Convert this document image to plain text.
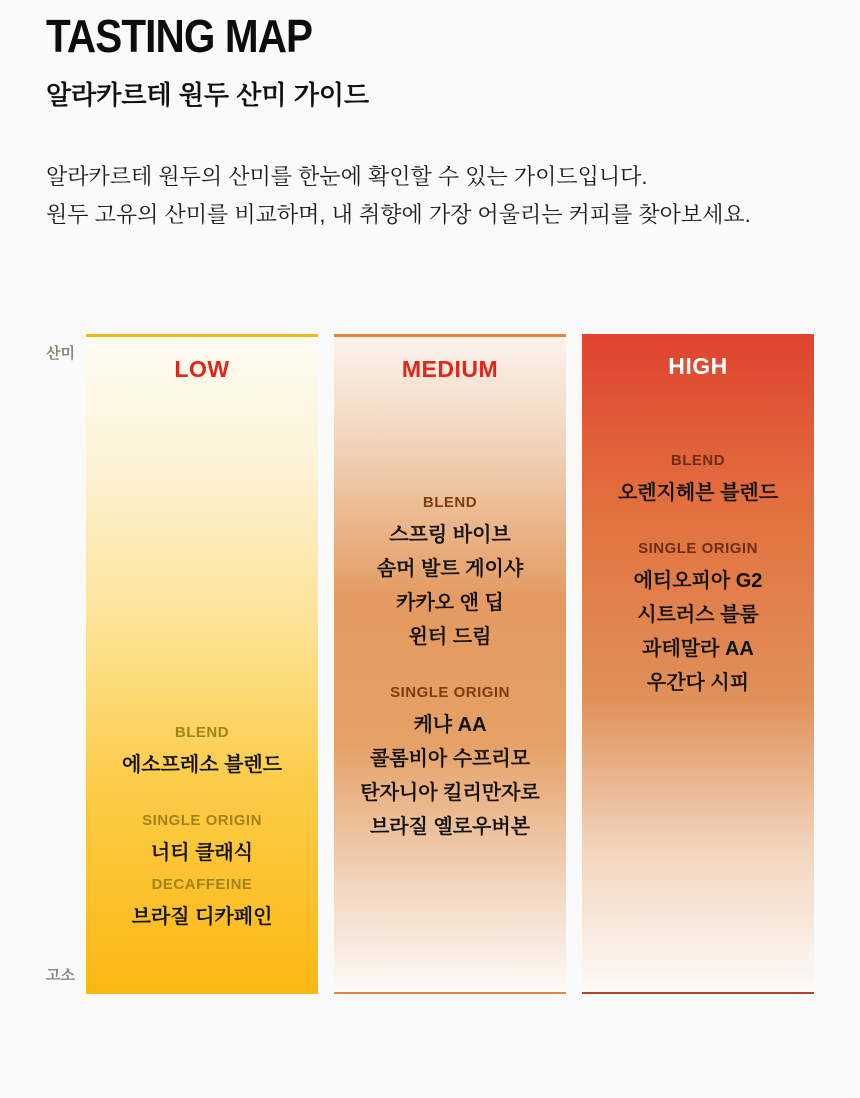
TASTING MAP
알라카르테 원두 산미 가이드

알라카르테 원두의 산미를 한눈에 확인할 수 있는 가이드입니다.
원두 고유의 산미를 비교하며, 내 취향에 가장 어울리는 커피를 찾아보세요.

산미
고소
LOW
BLEND
에소프레소 블렌드
SINGLE ORIGIN
너티 클래식
DECAFFEINE
브라질 디카페인
MEDIUM
BLEND
스프링 바이브
솜머 발트 게이샤
카카오 앤 딥
윈터 드림
SINGLE ORIGIN
케냐 AA
콜롬비아 수프리모
탄자니아 킬리만자로
브라질 옐로우버본
HIGH
BLEND
오렌지헤븐 블렌드
SINGLE ORIGIN
에티오피아 G2
시트러스 블룸
과테말라 AA
우간다 시피
